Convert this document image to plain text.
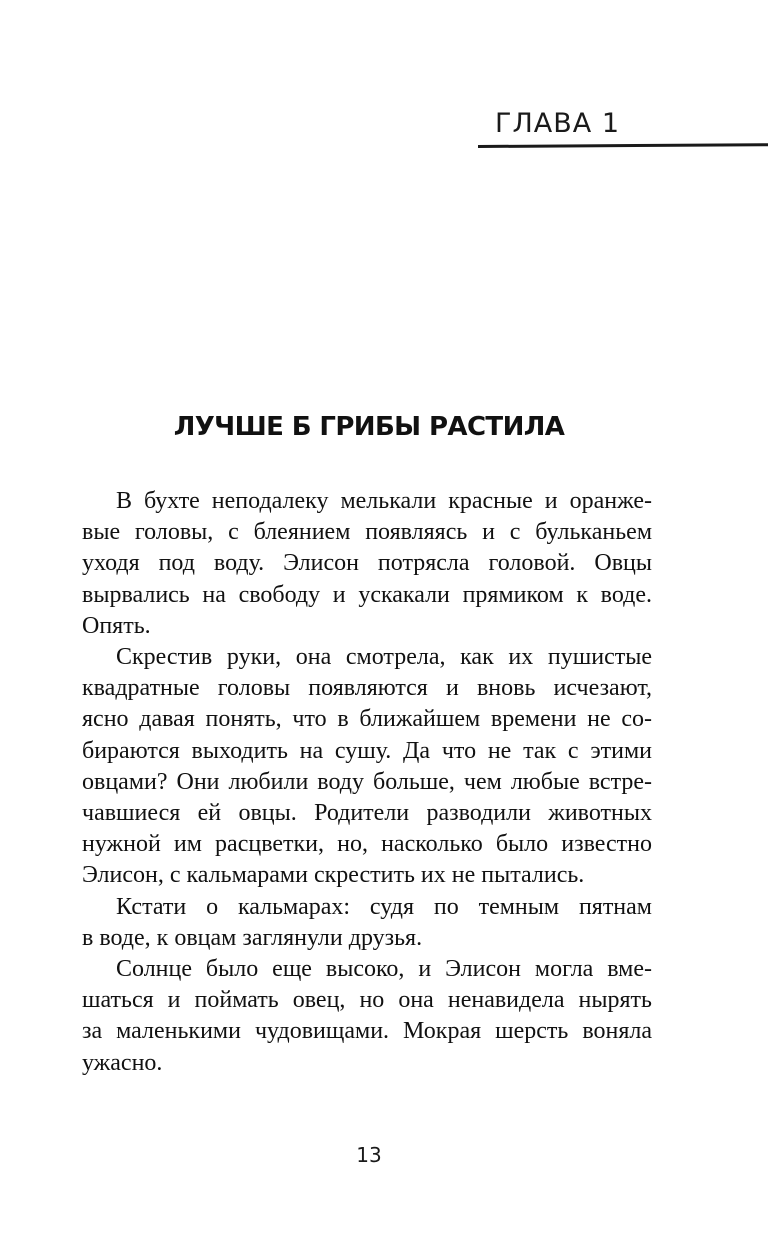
ГЛАВА 1
ЛУЧШЕ Б ГРИБЫ РАСТИЛА
В бухте неподалеку мелькали красные и оранже-
вые головы, с блеянием появляясь и с бульканьем
уходя под воду. Элисон потрясла головой. Овцы
вырвались на свободу и ускакали прямиком к воде.
Опять.
Скрестив руки, она смотрела, как их пушистые
квадратные головы появляются и вновь исчезают,
ясно давая понять, что в ближайшем времени не со-
бираются выходить на сушу. Да что не так с этими
овцами? Они любили воду больше, чем любые встре-
чавшиеся ей овцы. Родители разводили животных
нужной им расцветки, но, насколько было известно
Элисон, с кальмарами скрестить их не пытались.
Кстати о кальмарах: судя по темным пятнам
в воде, к овцам заглянули друзья.
Солнце было еще высоко, и Элисон могла вме-
шаться и поймать овец, но она ненавидела нырять
за маленькими чудовищами. Мокрая шерсть воняла
ужасно.
13
